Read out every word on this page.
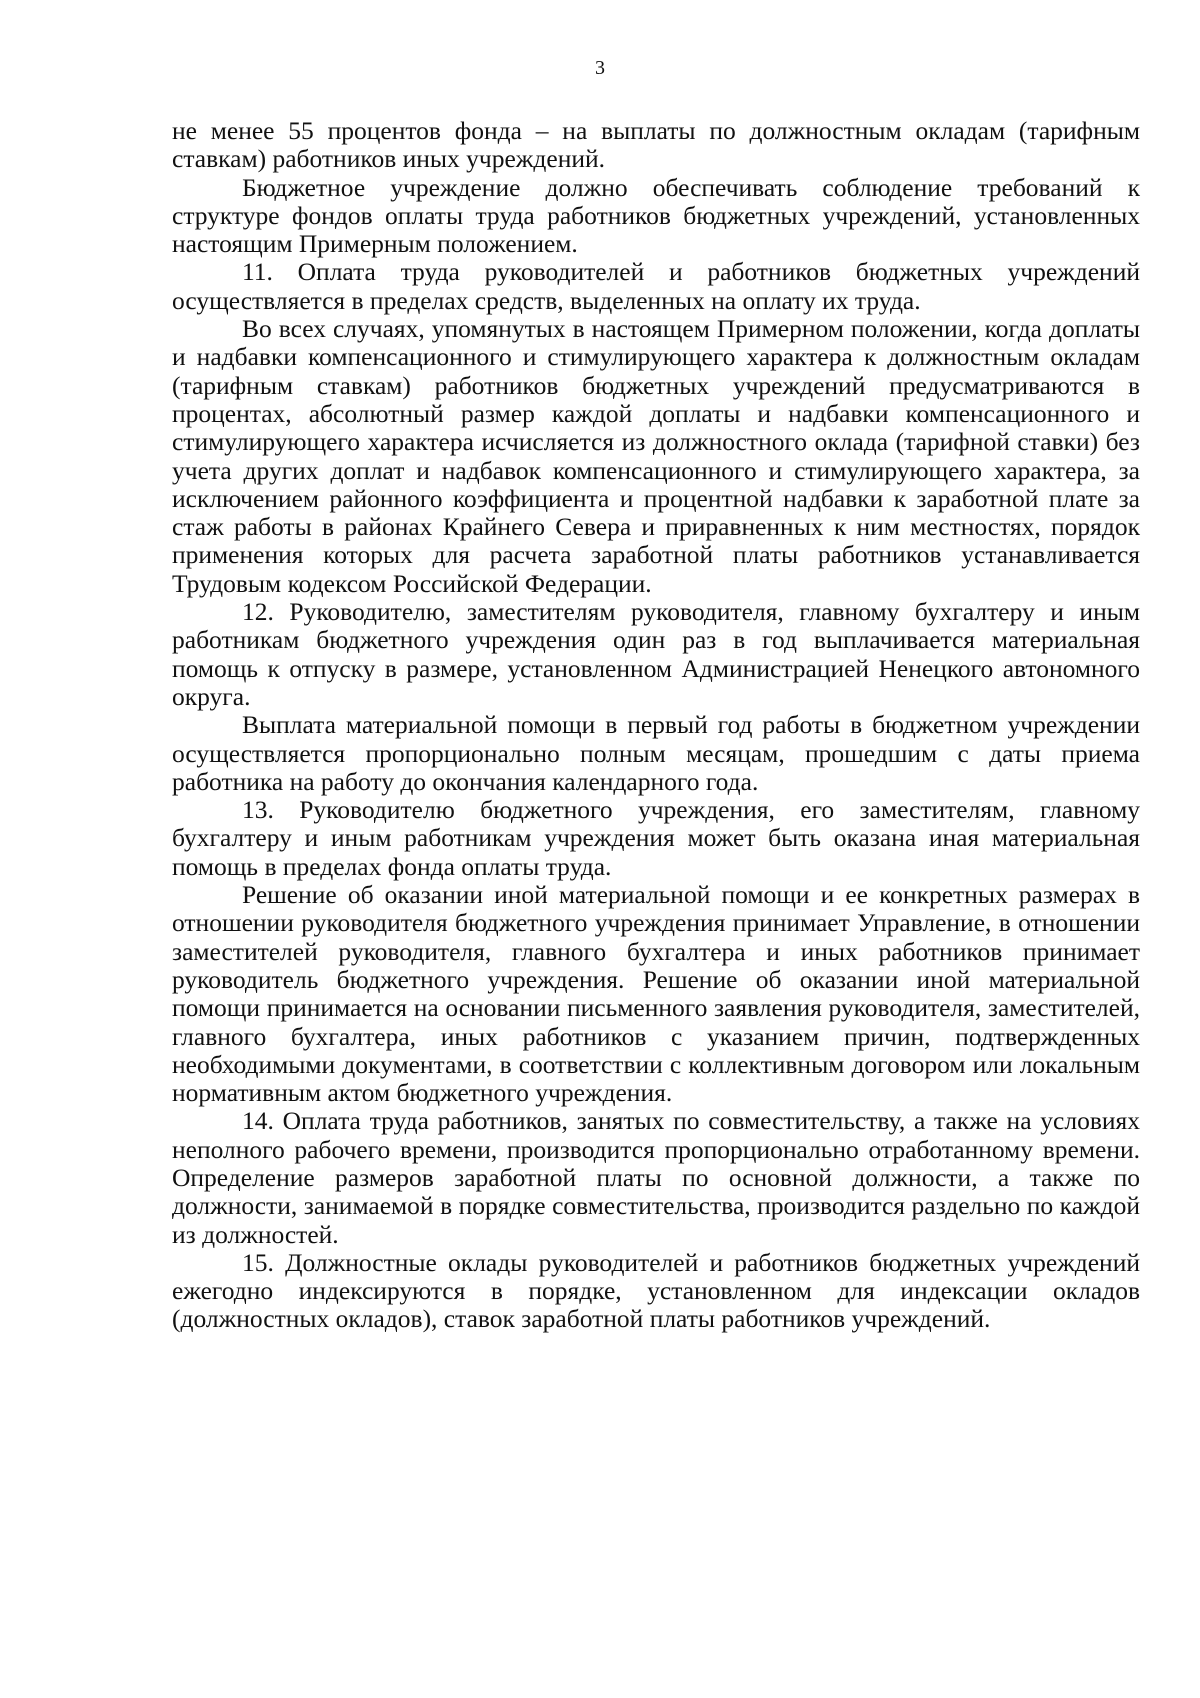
3

не менее 55 процентов фонда – на выплаты по должностным окладам (тарифным ставкам) работников иных учреждений.

Бюджетное учреждение должно обеспечивать соблюдение требований к структуре фондов оплаты труда работников бюджетных учреждений, установленных настоящим Примерным положением.

11. Оплата труда руководителей и работников бюджетных учреждений осуществляется в пределах средств, выделенных на оплату их труда.

Во всех случаях, упомянутых в настоящем Примерном положении, когда доплаты и надбавки компенсационного и стимулирующего характера к должностным окладам (тарифным ставкам) работников бюджетных учреждений предусматриваются в процентах, абсолютный размер каждой доплаты и надбавки компенсационного и стимулирующего характера исчисляется из должностного оклада (тарифной ставки) без учета других доплат и надбавок компенсационного и стимулирующего характера, за исключением районного коэффициента и процентной надбавки к заработной плате за стаж работы в районах Крайнего Севера и приравненных к ним местностях, порядок применения которых для расчета заработной платы работников устанавливается Трудовым кодексом Российской Федерации.

12. Руководителю, заместителям руководителя, главному бухгалтеру и иным работникам бюджетного учреждения один раз в год выплачивается материальная помощь к отпуску в размере, установленном Администрацией Ненецкого автономного округа.

Выплата материальной помощи в первый год работы в бюджетном учреждении осуществляется пропорционально полным месяцам, прошедшим с даты приема работника на работу до окончания календарного года.

13. Руководителю бюджетного учреждения, его заместителям, главному бухгалтеру и иным работникам учреждения может быть оказана иная материальная помощь в пределах фонда оплаты труда.

Решение об оказании иной материальной помощи и ее конкретных размерах в отношении руководителя бюджетного учреждения принимает Управление, в отношении заместителей руководителя, главного бухгалтера и иных работников принимает руководитель бюджетного учреждения. Решение об оказании иной материальной помощи принимается на основании письменного заявления руководителя, заместителей, главного бухгалтера, иных работников с указанием причин, подтвержденных необходимыми документами, в соответствии с коллективным договором или локальным нормативным актом бюджетного учреждения.

14. Оплата труда работников, занятых по совместительству, а также на условиях неполного рабочего времени, производится пропорционально отработанному времени. Определение размеров заработной платы по основной должности, а также по должности, занимаемой в порядке совместительства, производится раздельно по каждой из должностей.

15. Должностные оклады руководителей и работников бюджетных учреждений ежегодно индексируются в порядке, установленном для индексации окладов (должностных окладов), ставок заработной платы работников учреждений.
